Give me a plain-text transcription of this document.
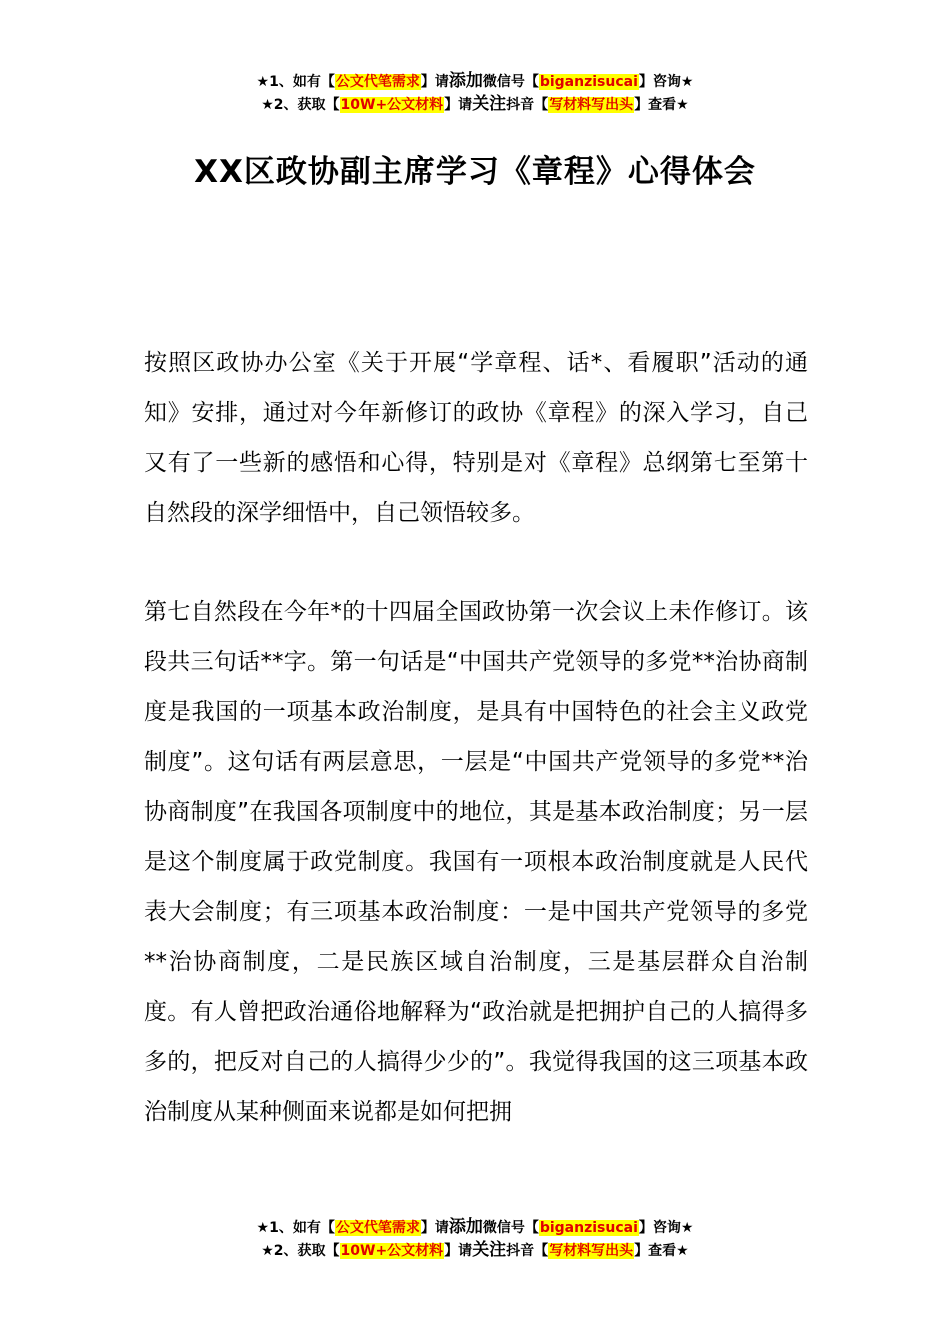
★1、如有【公文代笔需求】请添加微信号【biganzisucai】咨询★
★2、获取【10W+公文材料】请关注抖音【写材料写出头】查看★
XX区政协副主席学习《章程》心得体会

按照区政协办公室《关于开展“学章程、话*、看履职”活动的通知》安排，通过对今年新修订的政协《章程》的深入学习，自己又有了一些新的感悟和心得，特别是对《章程》总纲第七至第十自然段的深学细悟中，自己领悟较多。

第七自然段在今年*的十四届全国政协第一次会议上未作修订。该段共三句话**字。第一句话是“中国共产党领导的多党**治协商制度是我国的一项基本政治制度，是具有中国特色的社会主义政党制度”。这句话有两层意思，一层是“中国共产党领导的多党**治协商制度”在我国各项制度中的地位，其是基本政治制度；另一层是这个制度属于政党制度。我国有一项根本政治制度就是人民代表大会制度；有三项基本政治制度：一是中国共产党领导的多党**治协商制度，二是民族区域自治制度，三是基层群众自治制度。有人曾把政治通俗地解释为“政治就是把拥护自己的人搞得多多的，把反对自己的人搞得少少的”。我觉得我国的这三项基本政治制度从某种侧面来说都是如何把拥

★1、如有【公文代笔需求】请添加微信号【biganzisucai】咨询★
★2、获取【10W+公文材料】请关注抖音【写材料写出头】查看★
